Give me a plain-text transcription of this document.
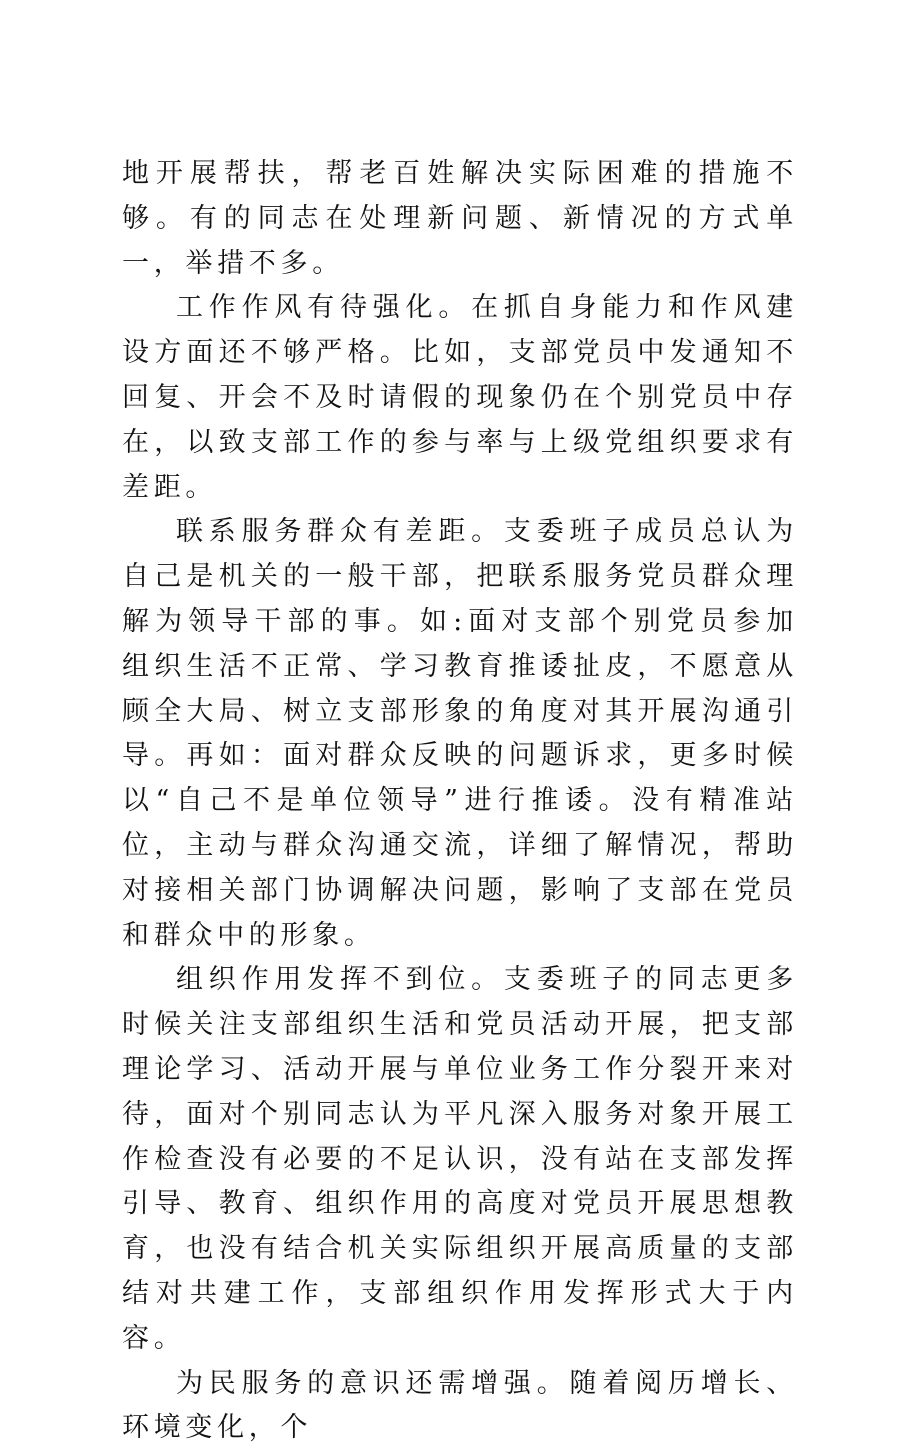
地开展帮扶，帮老百姓解决实际困难的措施不够。有的同志在处理新问题、新情况的方式单一，举措不多。

工作作风有待强化。在抓自身能力和作风建设方面还不够严格。比如，支部党员中发通知不回复、开会不及时请假的现象仍在个别党员中存在，以致支部工作的参与率与上级党组织要求有差距。

联系服务群众有差距。支委班子成员总认为自己是机关的一般干部，把联系服务党员群众理解为领导干部的事。如:面对支部个别党员参加组织生活不正常、学习教育推诿扯皮，不愿意从顾全大局、树立支部形象的角度对其开展沟通引导。再如：面对群众反映的问题诉求，更多时候以“自己不是单位领导”进行推诿。没有精准站位，主动与群众沟通交流，详细了解情况，帮助对接相关部门协调解决问题，影响了支部在党员和群众中的形象。

组织作用发挥不到位。支委班子的同志更多时候关注支部组织生活和党员活动开展，把支部理论学习、活动开展与单位业务工作分裂开来对待，面对个别同志认为平凡深入服务对象开展工作检查没有必要的不足认识，没有站在支部发挥引导、教育、组织作用的高度对党员开展思想教育，也没有结合机关实际组织开展高质量的支部结对共建工作，支部组织作用发挥形式大于内容。

为民服务的意识还需增强。随着阅历增长、环境变化，个
